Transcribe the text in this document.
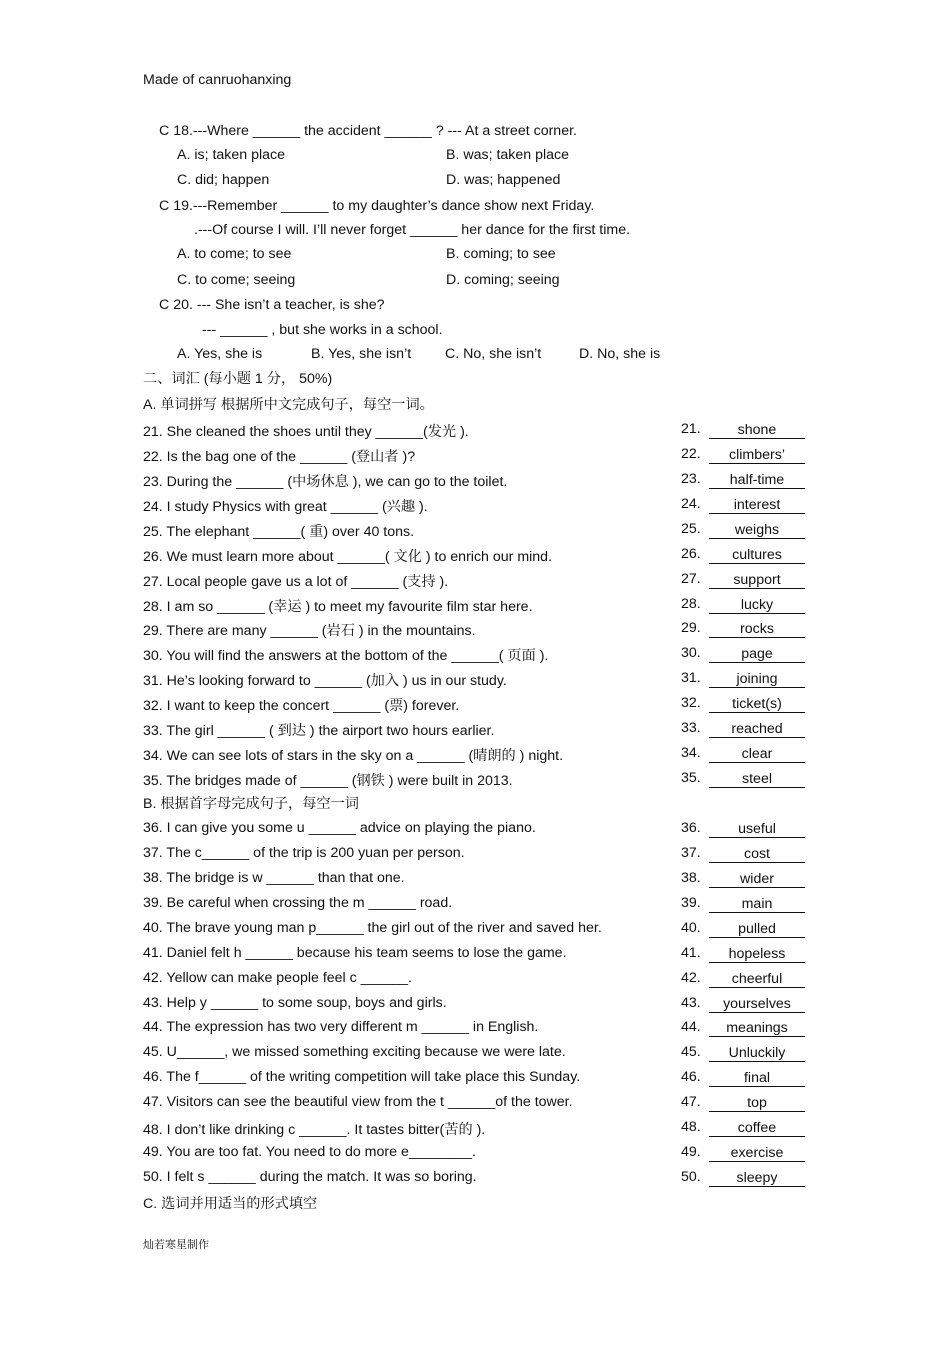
Made of canruohanxing
C 18.---Where ______ the accident ______ ? --- At a street corner.
A. is; taken place	B. was; taken place
C. did; happen	D. was; happened
C 19.---Remember ______ to my daughter’s dance show next Friday.
.---Of course I will. I’ll never forget ______ her dance for the first time.
A. to come; to see	B. coming; to see
C. to come; seeing	D. coming; seeing
C 20. --- She isn’t a teacher, is she?
--- ______ , but she works in a school.
A. Yes, she is	B. Yes, she isn’t C. No, she isn’t	D. No, she is
二、词汇 (每小题 1 分， 50%)
A. 单词拼写 根据所中文完成句子，每空一词。
21. She cleaned the shoes until they ______(发光 ).	21.	shone
22. Is the bag one of the ______ (登山者 )?	22.	climbers’
23. During the ______ (中场休息 ), we can go to the toilet.	23.	half-time
24. I study Physics with great ______ (兴趣 ).	24.	interest
25. The elephant ______( 重) over 40 tons.	25.	weighs
26. We must learn more about ______( 文化 ) to enrich our mind.	26.	cultures
27. Local people gave us a lot of ______ (支持 ).	27.	support
28. I am so ______ (幸运 ) to meet my favourite film star here.	28.	lucky
29. There are many ______ (岩石 ) in the mountains.	29.	rocks
30. You will find the answers at the bottom of the ______( 页面 ).	30.	page
31. He’s looking forward to ______ (加入 ) us in our study.	31.	joining
32. I want to keep the concert ______ (票) forever.	32.	ticket(s)
33. The girl ______ ( 到达 ) the airport two hours earlier.	33.	reached
34. We can see lots of stars in the sky on a ______ (晴朗的 ) night.	34.	clear
35. The bridges made of ______ (钢铁 ) were built in 2013.	35.	steel
36. I can give you some u ______ advice on playing the piano.	36.	useful
37. The c______ of the trip is 200 yuan per person.	37.	cost
38. The bridge is w ______ than that one.	38.	wider
39. Be careful when crossing the m ______ road.	39.	main
40. The brave young man p______ the girl out of the river and saved her.	40.	pulled
41. Daniel felt h ______ because his team seems to lose the game.	41.	hopeless
42. Yellow can make people feel c ______.	42.	cheerful
43. Help y ______ to some soup, boys and girls.	43.	yourselves
44. The expression has two very different m ______ in English.	44.	meanings
45. U______, we missed something exciting because we were late.	45.	Unluckily
46. The f______ of the writing competition will take place this Sunday.	46.	final
47. Visitors can see the beautiful view from the t ______of the tower.	47.	top
48. I don’t like drinking c ______. It tastes bitter(苦的 ).	48.	coffee
49. You are too fat. You need to do more e________.	49.	exercise
50. I felt s ______ during the match. It was so boring.	50.	sleepy
B. 根据首字母完成句子，每空一词
C. 选词并用适当的形式填空
灿若寒星制作
